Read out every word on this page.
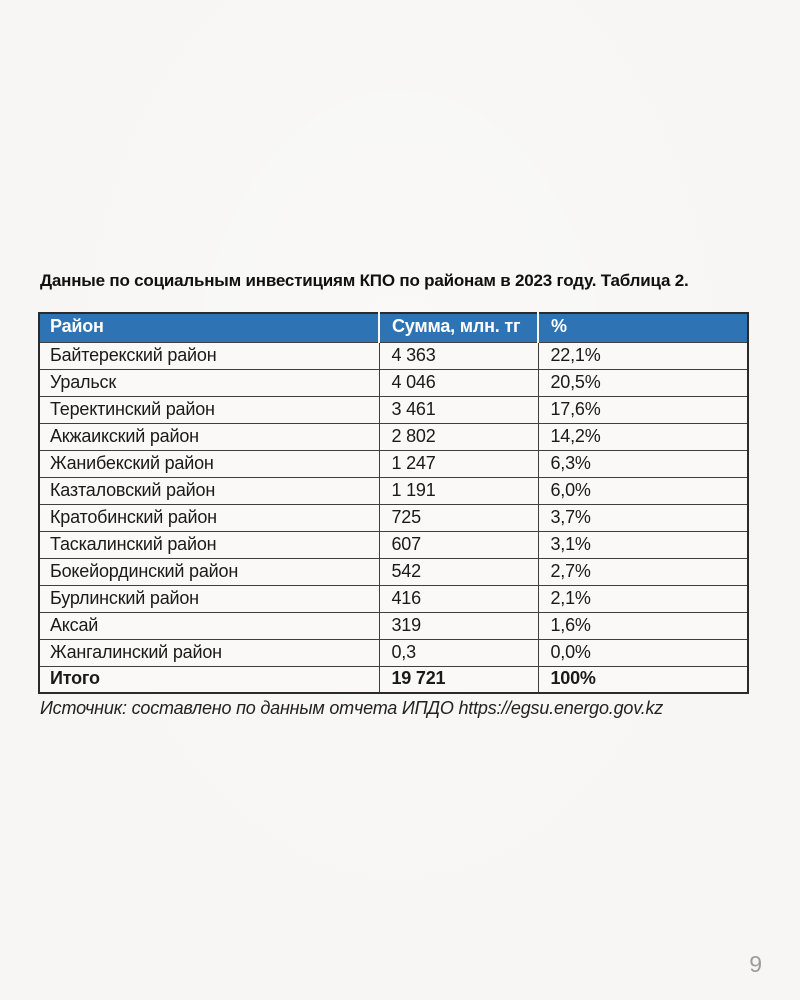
Данные по социальным инвестициям КПО по районам в 2023 году. Таблица 2.
Район	Сумма, млн. тг	%
Байтерекский район	4 363	22,1%
Уральск	4 046	20,5%
Теректинский район	3 461	17,6%
Акжаикский район	2 802	14,2%
Жанибекский район	1 247	6,3%
Казталовский район	1 191	6,0%
Кратобинский район	725	3,7%
Таскалинский район	607	3,1%
Бокейординский район	542	2,7%
Бурлинский район	416	2,1%
Аксай	319	1,6%
Жангалинский район	0,3	0,0%
Итого	19 721	100%
Источник: составлено по данным отчета ИПДО https://egsu.energo.gov.kz
9
